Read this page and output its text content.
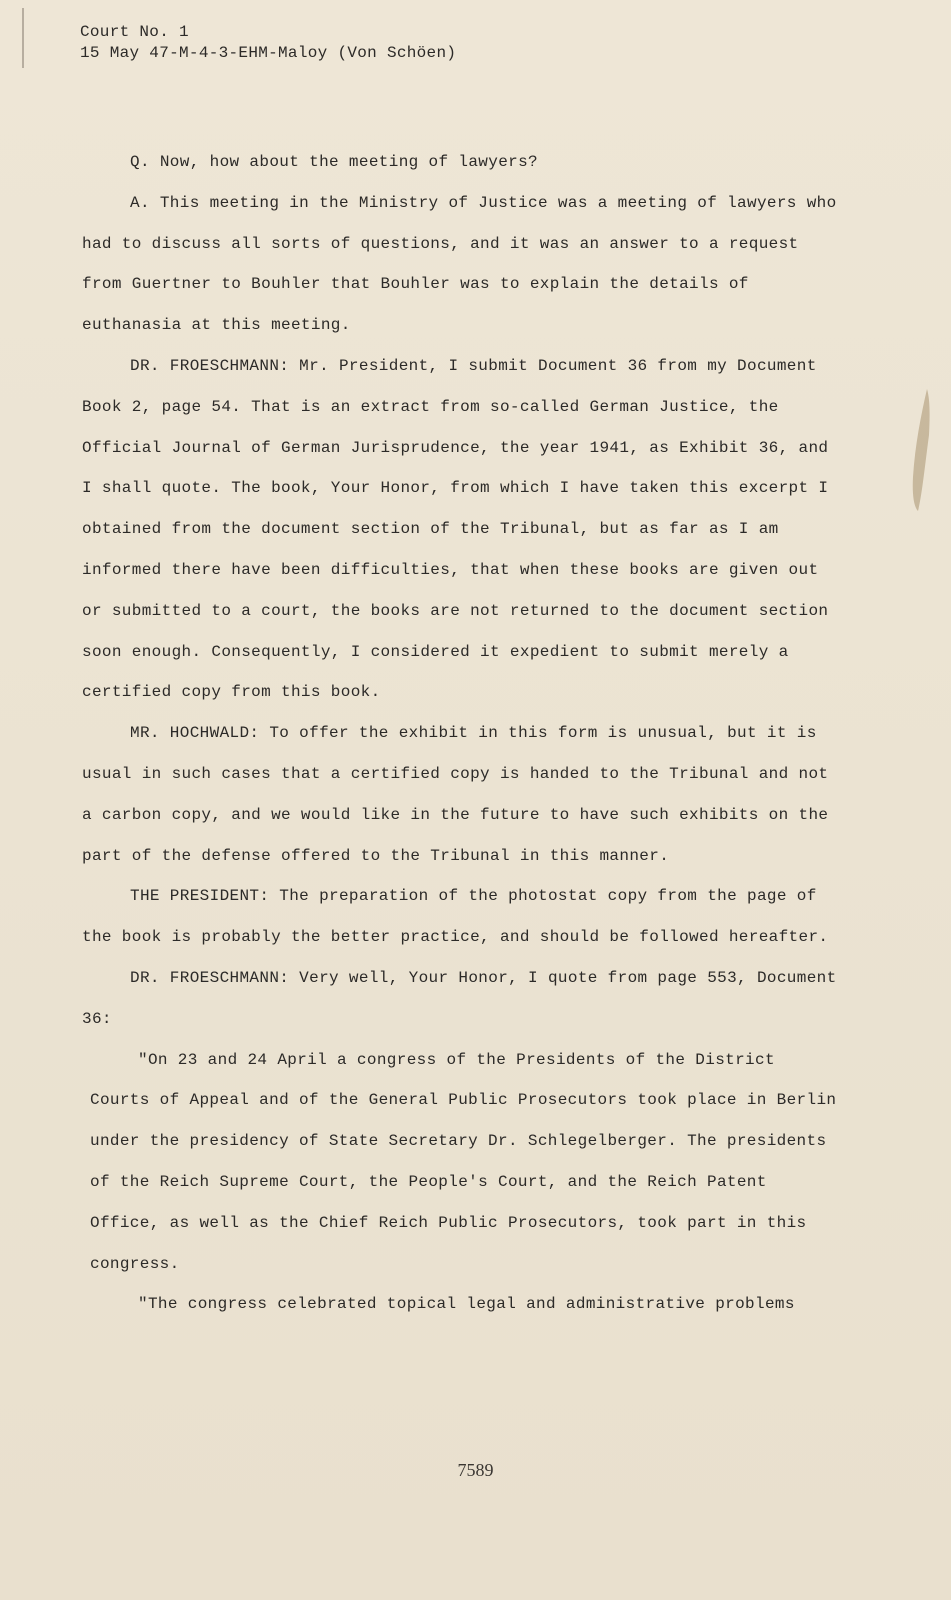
Court No. 1
15 May 47-M-4-3-EHM-Maloy (Von Schöen)

Q. Now, how about the meeting of lawyers?

A. This meeting in the Ministry of Justice was a meeting of lawyers who had to discuss all sorts of questions, and it was an answer to a request from Guertner to Bouhler that Bouhler was to explain the details of euthanasia at this meeting.

DR. FROESCHMANN: Mr. President, I submit Document 36 from my Document Book 2, page 54. That is an extract from so-called German Justice, the Official Journal of German Jurisprudence, the year 1941, as Exhibit 36, and I shall quote. The book, Your Honor, from which I have taken this excerpt I obtained from the document section of the Tribunal, but as far as I am informed there have been difficulties, that when these books are given out or submitted to a court, the books are not returned to the document section soon enough. Consequently, I considered it expedient to submit merely a certified copy from this book.

MR. HOCHWALD: To offer the exhibit in this form is unusual, but it is usual in such cases that a certified copy is handed to the Tribunal and not a carbon copy, and we would like in the future to have such exhibits on the part of the defense offered to the Tribunal in this manner.

THE PRESIDENT: The preparation of the photostat copy from the page of the book is probably the better practice, and should be followed hereafter.

DR. FROESCHMANN: Very well, Your Honor, I quote from page 553, Document 36:

"On 23 and 24 April a congress of the Presidents of the District Courts of Appeal and of the General Public Prosecutors took place in Berlin under the presidency of State Secretary Dr. Schlegelberger. The presidents of the Reich Supreme Court, the People's Court, and the Reich Patent Office, as well as the Chief Reich Public Prosecutors, took part in this congress.

"The congress celebrated topical legal and administrative problems

7589
